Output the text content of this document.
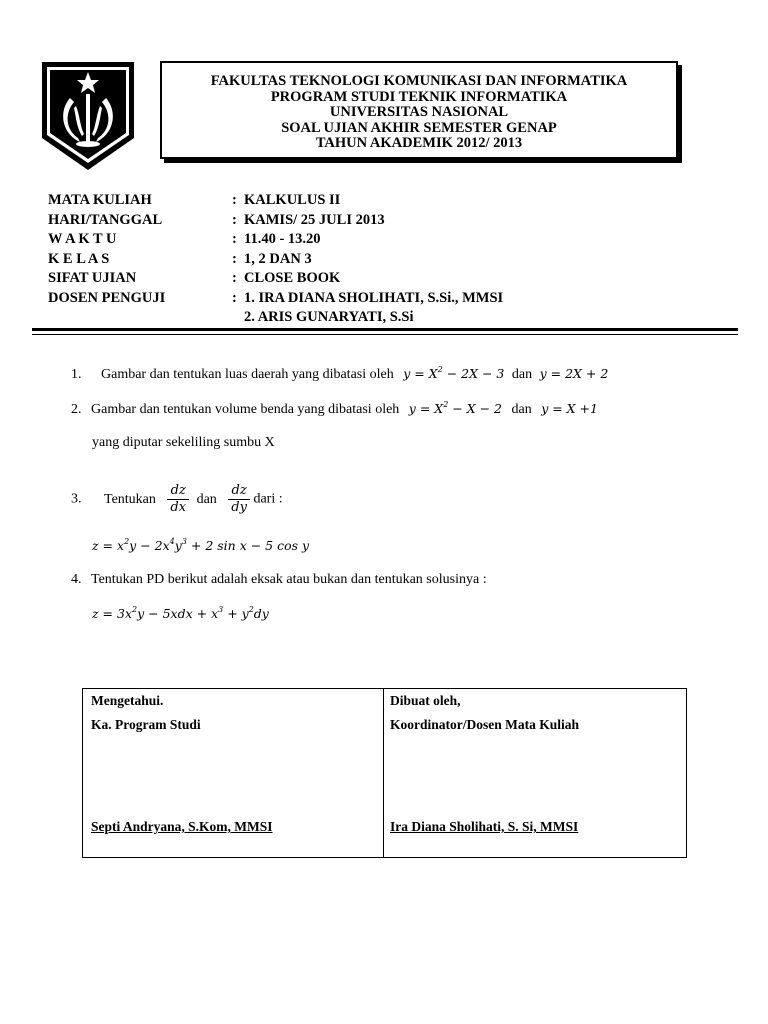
FAKULTAS TEKNOLOGI KOMUNIKASI DAN INFORMATIKA
PROGRAM STUDI TEKNIK INFORMATIKA
UNIVERSITAS NASIONAL
SOAL UJIAN AKHIR SEMESTER GENAP
TAHUN AKADEMIK 2012/ 2013
MATA KULIAH	: KALKULUS II
HARI/TANGGAL	: KAMIS/ 25 JULI 2013
W A K T U	: 11.40 - 13.20
K E L A S	: 1, 2 DAN 3
SIFAT UJIAN	: CLOSE BOOK
DOSEN PENGUJI	: 1. IRA DIANA SHOLIHATI, S.Si., MMSI
2. ARIS GUNARYATI, S.Si
1. Gambar dan tentukan luas daerah yang dibatasi oleh $y = X^2 - 2X - 3$ dan y = 2X + 2
2. Gambar dan tentukan volume benda yang dibatasi oleh $y = X^2 - X - 2$ dan y = X +1
yang diputar sekeliling sumbu X
3. Tentukan $\frac{dz}{dx}$ dan $\frac{dz}{dy}$ dari :
$z = x^2y - 2x^4y^3 + 2$ sin x − 5 cos y
4. Tentukan PD berikut adalah eksak atau bukan dan tentukan solusinya :
$z = 3x^2y - 5xdx + x^3 + y^2dy$
Mengetahui.
Ka. Program Studi
Septi Andryana, S.Kom, MMSI
Dibuat oleh,
Koordinator/Dosen Mata Kuliah
Ira Diana Sholihati, S. Si, MMSI
